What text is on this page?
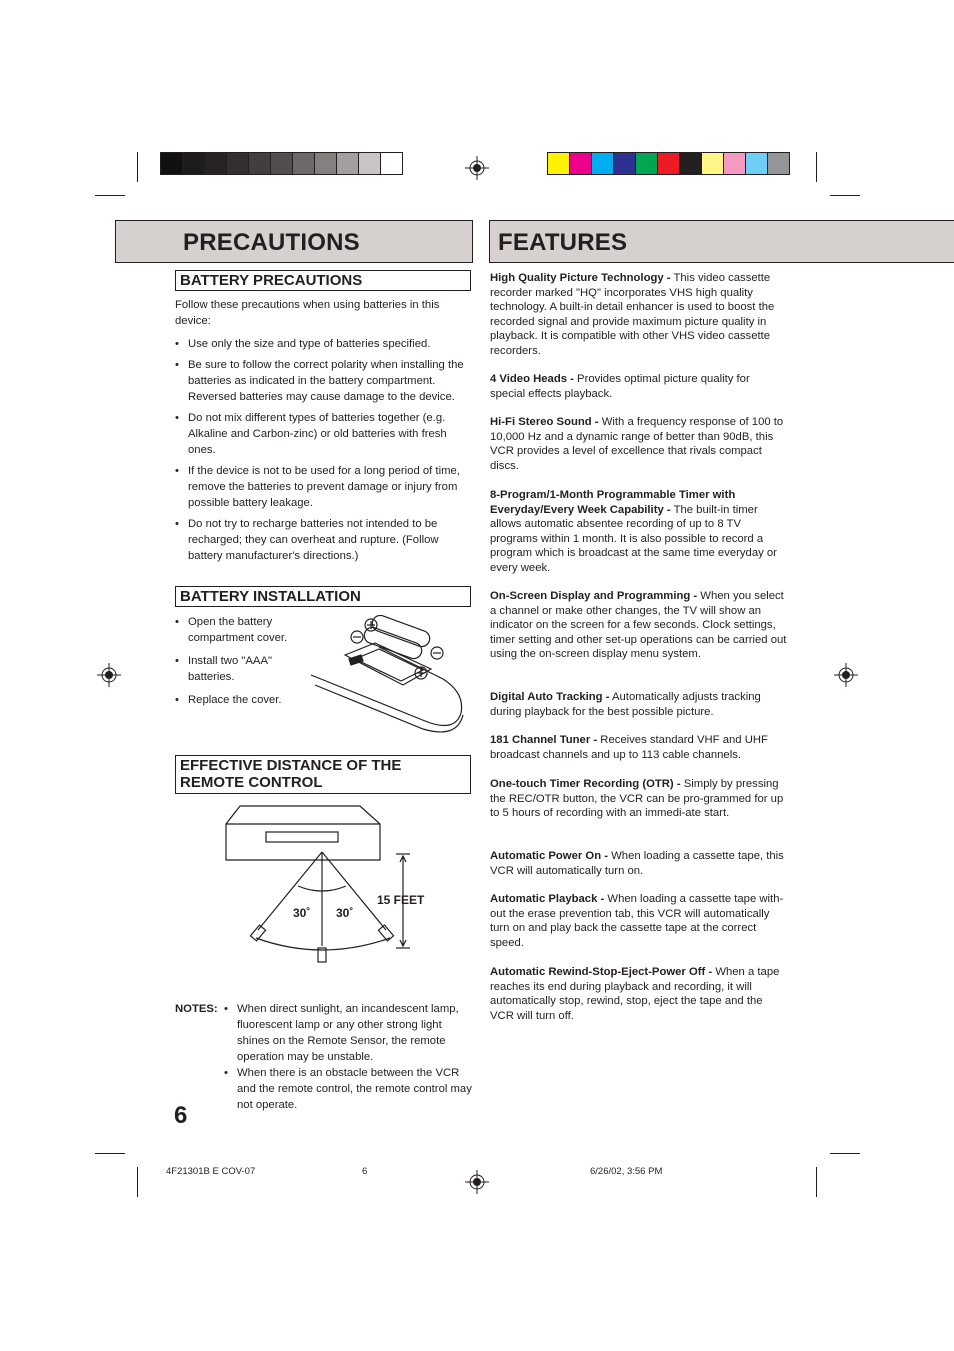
PRECAUTIONS	FEATURES
BATTERY PRECAUTIONS
Follow these precautions when using batteries in this device:
• Use only the size and type of batteries specified.
• Be sure to follow the correct polarity when installing the batteries as indicated in the battery compartment. Reversed batteries may cause damage to the device.
• Do not mix different types of batteries together (e.g. Alkaline and Carbon-zinc) or old batteries with fresh ones.
• If the device is not to be used for a long period of time, remove the batteries to prevent damage or injury from possible battery leakage.
• Do not try to recharge batteries not intended to be recharged; they can overheat and rupture. (Follow battery manufacturer's directions.)
BATTERY INSTALLATION
• Open the battery compartment cover.
• Install two "AAA" batteries.
• Replace the cover.
EFFECTIVE DISTANCE OF THE
REMOTE CONTROL
15 FEET
30˚ 30˚
NOTES:
•	When direct sunlight, an incandescent lamp, fluorescent lamp or any other strong light shines on the Remote Sensor, the remote operation may be unstable.
• When there is an obstacle between the VCR and the remote control, the remote control may not operate.
6
High Quality Picture Technology - This video cassette recorder marked "HQ" incorporates VHS high quality technology. A built-in detail enhancer is used to boost the recorded signal and provide maximum picture quality in playback. It is compatible with other VHS video cassette recorders.
4 Video Heads - Provides optimal picture quality for special effects playback.
Hi-Fi Stereo Sound - With a frequency response of 100 to 10,000 Hz and a dynamic range of better than 90dB, this VCR provides a level of excellence that rivals compact discs.
8-Program/1-Month Programmable Timer with Everyday/Every Week Capability - The built-in timer allows automatic absentee recording of up to 8 TV programs within 1 month. It is also possible to record a program which is broadcast at the same time everyday or every week.
On-Screen Display and Programming - When you select a channel or make other changes, the TV will show an indicator on the screen for a few seconds. Clock settings, timer setting and other set-up operations can be carried out using the on-screen display menu system.
Digital Auto Tracking - Automatically adjusts tracking during playback for the best possible picture.
181 Channel Tuner - Receives standard VHF and UHF broadcast channels and up to 113 cable channels.
One-touch Timer Recording (OTR) - Simply by pressing the REC/OTR button, the VCR can be pro-grammed for up to 5 hours of recording with an immedi-ate start.
Automatic Power On - When loading a cassette tape, this VCR will automatically turn on.
Automatic Playback - When loading a cassette tape with-out the erase prevention tab, this VCR will automatically turn on and play back the cassette tape at the correct speed.
Automatic Rewind-Stop-Eject-Power Off - When a tape reaches its end during playback and recording, it will automatically stop, rewind, stop, eject the tape and the VCR will turn off.
4F21301B E COV-07	6	6/26/02, 3:56 PM
